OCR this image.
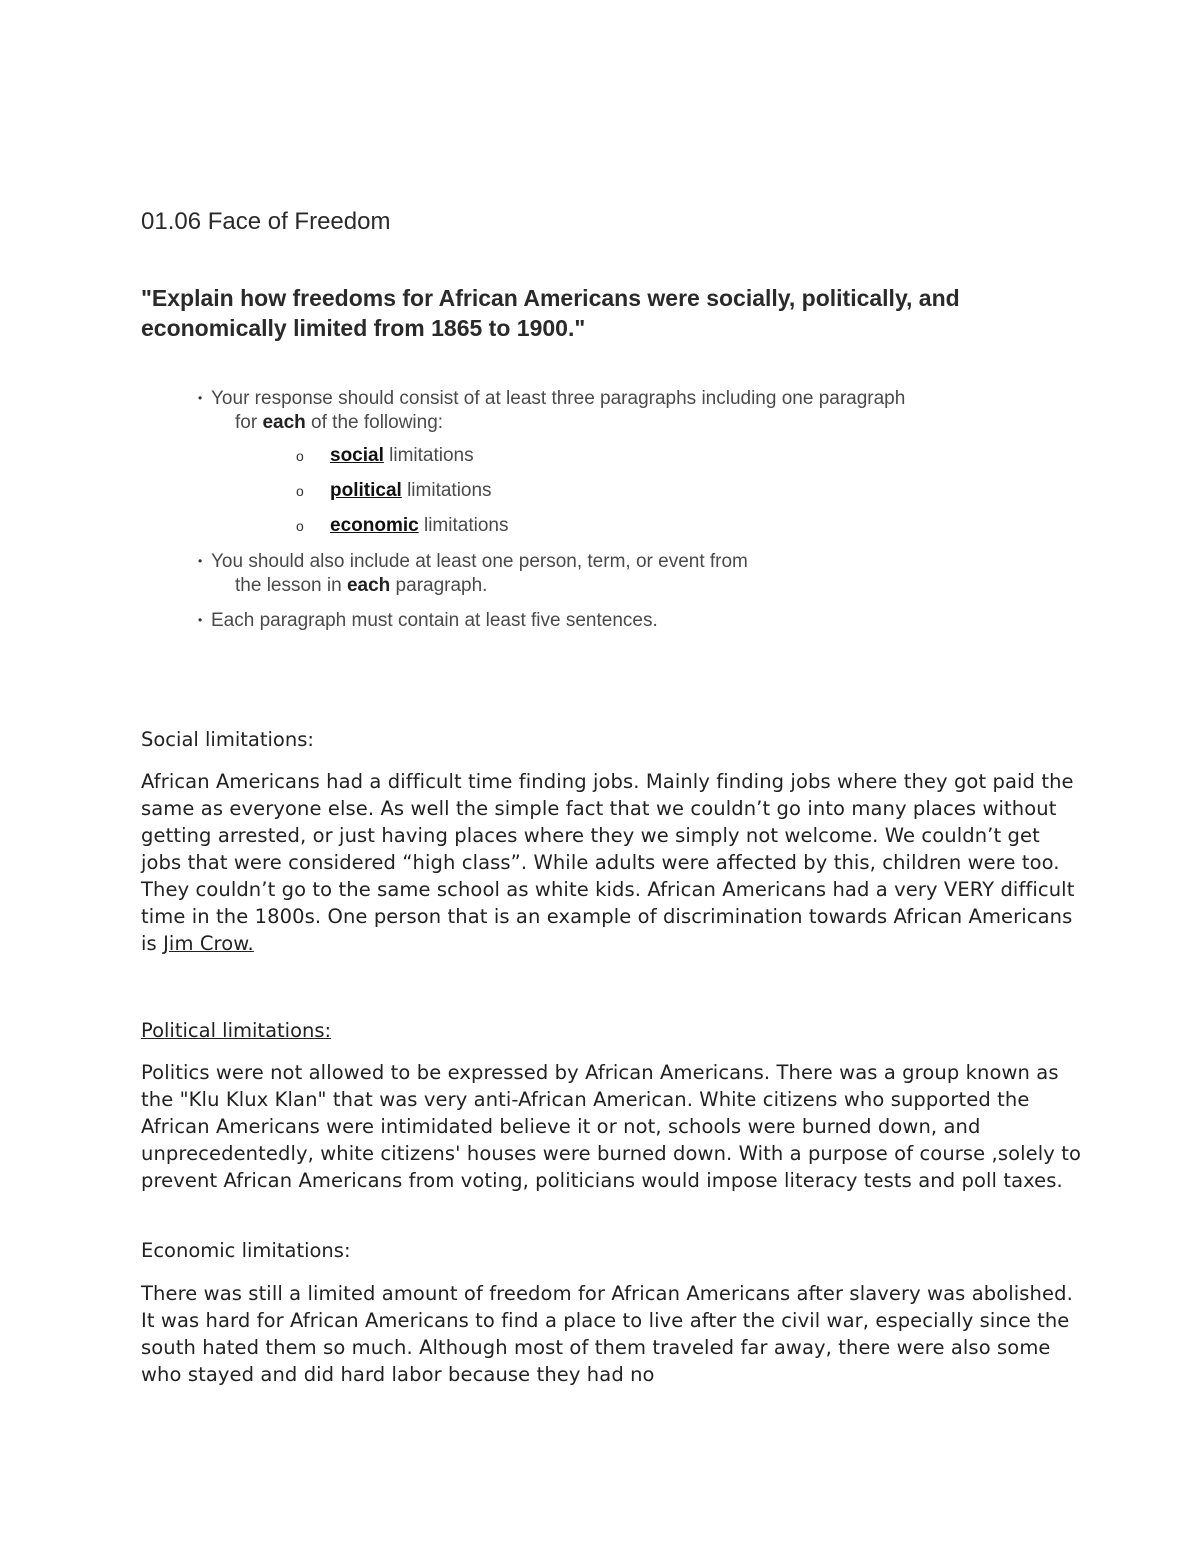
01.06 Face of Freedom
"Explain how freedoms for African Americans were socially, politically, and economically limited from 1865 to 1900."
• Your response should consist of at least three paragraphs including one paragraph
for each of the following:
o social limitations
o political limitations
o economic limitations
• You should also include at least one person, term, or event from
the lesson in each paragraph.
• Each paragraph must contain at least five sentences.
Social limitations:
African Americans had a difficult time finding jobs. Mainly finding jobs where they got paid the same as everyone else. As well the simple fact that we couldn’t go into many places without getting arrested, or just having places where they we simply not welcome. We couldn’t get jobs that were considered “high class”. While adults were affected by this, children were too. They couldn’t go to the same school as white kids. African Americans had a very VERY difficult time in the 1800s. One person that is an example of discrimination towards African Americans is Jim Crow.
Political limitations:
Politics were not allowed to be expressed by African Americans. There was a group known as the "Klu Klux Klan" that was very anti-African American. White citizens who supported the African Americans were intimidated believe it or not, schools were burned down, and unprecedentedly, white citizens' houses were burned down. With a purpose of course ,solely to prevent African Americans from voting, politicians would impose literacy tests and poll taxes.
Economic limitations:
There was still a limited amount of freedom for African Americans after slavery was abolished. It was hard for African Americans to find a place to live after the civil war, especially since the south hated them so much. Although most of them traveled far away, there were also some who stayed and did hard labor because they had no
